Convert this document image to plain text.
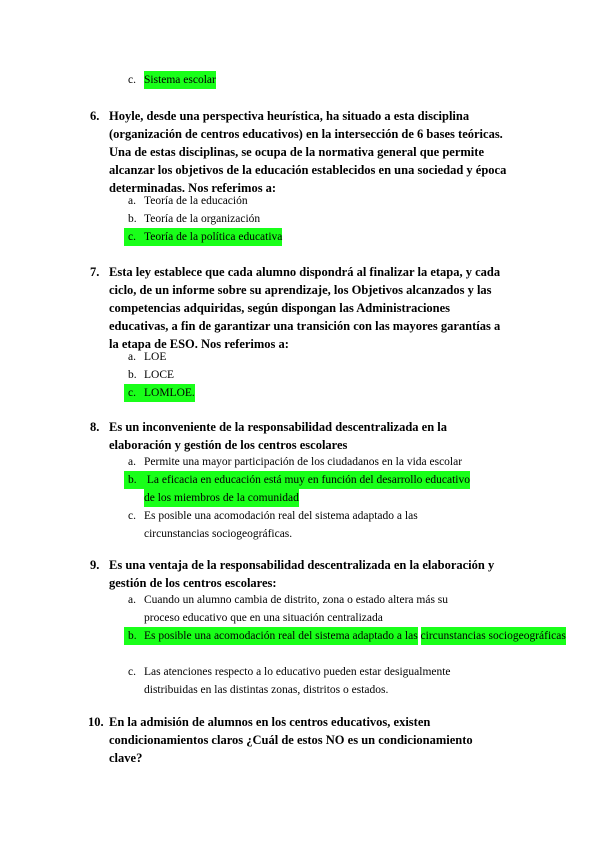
c. Sistema escolar
6. Hoyle, desde una perspectiva heurística, ha situado a esta disciplina
(organización de centros educativos) en la intersección de 6 bases teóricas.
Una de estas disciplinas, se ocupa de la normativa general que permite
alcanzar los objetivos de la educación establecidos en una sociedad y época
determinadas. Nos referimos a:
a. Teoría de la educación
b. Teoría de la organización
c. Teoría de la política educativa
7. Esta ley establece que cada alumno dispondrá al finalizar la etapa, y cada
ciclo, de un informe sobre su aprendizaje, los Objetivos alcanzados y las
competencias adquiridas, según dispongan las Administraciones
educativas, a fin de garantizar una transición con las mayores garantías a
la etapa de ESO. Nos referimos a:
a. LOE
b. LOCE
c. LOMLOE.
8. Es un inconveniente de la responsabilidad descentralizada en la
elaboración y gestión de los centros escolares
a. Permite una mayor participación de los ciudadanos en la vida escolar
b. La eficacia en educación está muy en función del desarrollo educativo
de los miembros de la comunidad
c. Es posible una acomodación real del sistema adaptado a las
circunstancias sociogeográficas.
9. Es una ventaja de la responsabilidad descentralizada en la elaboración y
gestión de los centros escolares:
a. Cuando un alumno cambia de distrito, zona o estado altera más su
proceso educativo que en una situación centralizada
b. Es posible una acomodación real del sistema adaptado a las circunstancias sociogeográficas
c. Las atenciones respecto a lo educativo pueden estar desigualmente
distribuidas en las distintas zonas, distritos o estados.
10. En la admisión de alumnos en los centros educativos, existen
condicionamientos claros ¿Cuál de estos NO es un condicionamiento
clave?
